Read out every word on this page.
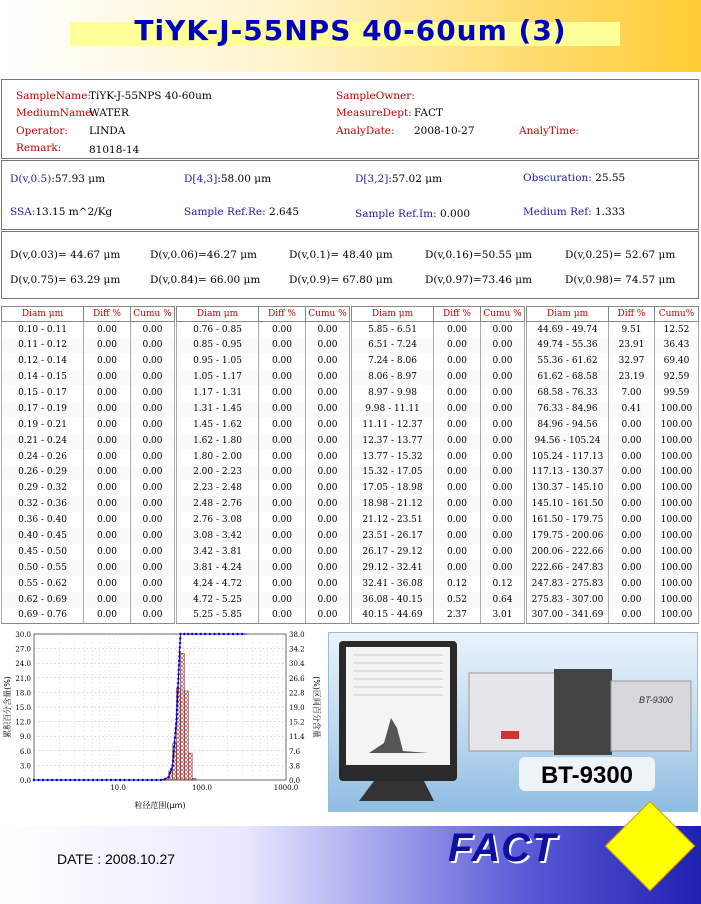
TiYK-J-55NPS 40-60um (3)
SampleName:
TiYK-J-55NPS 40-60um
MediumName:
WATER
Operator: LINDA
Remark:	81018-14
SampleOwner:
MeasureDept: FACT
AnalyDate: 2008-10-27	AnalyTime:
D(v,0.5):57.93 μm	D[4,3]:58.00 μm	D[3,2]:57.02 μm	Obscuration: 25.55
SSA:13.15 m^2/Kg	Sample Ref.Re: 2.645	Sample Ref.Im: 0.000	Medium Ref: 1.333
D(v,0.03)= 44.67 μm	D(v,0.06)=46.27 μm	D(v,0.1)= 48.40 μm	D(v,0.16)=50.55 μm	D(v,0.25)= 52.67 μm
D(v,0.75)= 63.29 μm	D(v,0.84)= 66.00 μm	D(v,0.9)= 67.80 μm	D(v,0.97)=73.46 μm	D(v,0.98)= 74.57 μm
Diam μm	Diff %	Cumu %
0.10 - 0.11	0.00	0.00
0.11 - 0.12	0.00	0.00
0.12 - 0.14	0.00	0.00
0.14 - 0.15	0.00	0.00
0.15 - 0.17	0.00	0.00
0.17 - 0.19	0.00	0.00
0.19 - 0.21	0.00	0.00
0.21 - 0.24	0.00	0.00
0.24 - 0.26	0.00	0.00
0.26 - 0.29	0.00	0.00
0.29 - 0.32	0.00	0.00
0.32 - 0.36	0.00	0.00
0.36 - 0.40	0.00	0.00
0.40 - 0.45	0.00	0.00
0.45 - 0.50	0.00	0.00
0.50 - 0.55	0.00	0.00
0.55 - 0.62	0.00	0.00
0.62 - 0.69	0.00	0.00
0.69 - 0.76	0.00	0.00
Diam μm	Diff %	Cumu %
0.76 - 0.85	0.00	0.00
0.85 - 0.95	0.00	0.00
0.95 - 1.05	0.00	0.00
1.05 - 1.17	0.00	0.00
1.17 - 1.31	0.00	0.00
1.31 - 1.45	0.00	0.00
1.45 - 1.62	0.00	0.00
1.62 - 1.80	0.00	0.00
1.80 - 2.00	0.00	0.00
2.00 - 2.23	0.00	0.00
2.23 - 2.48	0.00	0.00
2.48 - 2.76	0.00	0.00
2.76 - 3.08	0.00	0.00
3.08 - 3.42	0.00	0.00
3.42 - 3.81	0.00	0.00
3.81 - 4.24	0.00	0.00
4.24 - 4.72	0.00	0.00
4.72 - 5.25	0.00	0.00
5.25 - 5.85	0.00	0.00
Diam μm	Diff %	Cumu %
5.85 - 6.51	0.00	0.00
6.51 - 7.24	0.00	0.00
7.24 - 8.06	0.00	0.00
8.06 - 8.97	0.00	0.00
8.97 - 9.98	0.00	0.00
9.98 - 11.11	0.00	0.00
11.11 - 12.37	0.00	0.00
12.37 - 13.77	0.00	0.00
13.77 - 15.32	0.00	0.00
15.32 - 17.05	0.00	0.00
17.05 - 18.98	0.00	0.00
18.98 - 21.12	0.00	0.00
21.12 - 23.51	0.00	0.00
23.51 - 26.17	0.00	0.00
26.17 - 29.12	0.00	0.00
29.12 - 32.41	0.00	0.00
32.41 - 36.08	0.12	0.12
36.08 - 40.15	0.52	0.64
40.15 - 44.69	2.37	3.01
Diam μm	Diff %	Cumu%
44.69 - 49.74	9.51	12.52
49.74 - 55.36	23.91	36.43
55.36 - 61.62	32.97	69.40
61.62 - 68.58	23.19	92.59
68.58 - 76.33	7.00	99.59
76.33 - 84.96	0.41	100.00
84.96 - 94.56	0.00	100.00
94.56 - 105.24	0.00	100.00
105.24 - 117.13	0.00	100.00
117.13 - 130.37	0.00	100.00
130.37 - 145.10	0.00	100.00
145.10 - 161.50	0.00	100.00
161.50 - 179.75	0.00	100.00
179.75 - 200.06	0.00	100.00
200.06 - 222.66	0.00	100.00
222.66 - 247.83	0.00	100.00
247.83 - 275.83	0.00	100.00
275.83 - 307.00	0.00	100.00
307.00 - 341.69	0.00	100.00
0.0	0.0
3.0	3.8
6.0	7.6
9.0	11.4
12.0	15.2
15.0	19.0
18.0	22.8
21.0	26.6
24.0	30.4
27.0	34.2
30.0	38.0
10.0	100.0	1000.0
粒径范围(μm)
累积百分含量(%)	(%)区间百分含量	BT-9300
BT-9300
DATE : 2008.10.27	FACT
